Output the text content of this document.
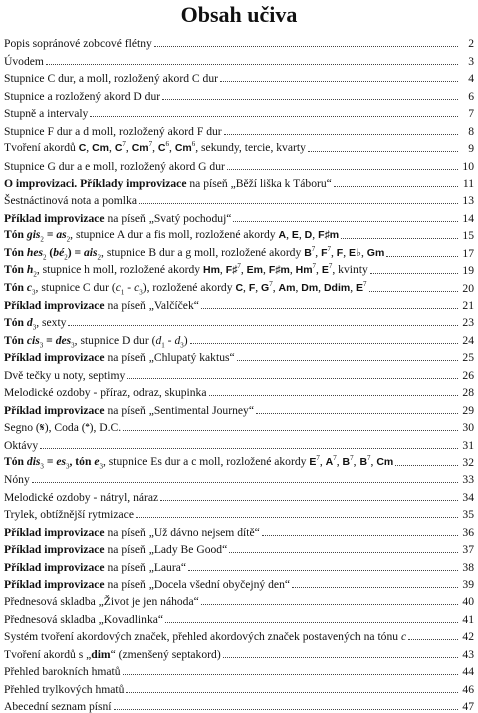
Obsah učiva
Popis sopránové zobcové flétny	2
Úvodem	3
Stupnice C dur, a moll, rozložený akord C dur	4
Stupnice a rozložený akord D dur	6
Stupně a intervaly	7
Stupnice F dur a d moll, rozložený akord F dur	8
Tvoření akordů C, Cm, $C^7$, Cm$^7$, $C^6$, Cm$^6$, sekundy, tercie, kvarty	9
Stupnice G dur a e moll, rozložený akord G dur	10
O improvizaci. Příklady improvizace na píseň „Běží liška k Táboru“	11
Šestnáctinová nota a pomlka	13
Příklad improvizace na píseň „Svatý pochoduj“	14
Tón $gis_2 = as_2$, stupnice A dur a fis moll, rozložené akordy A, E, D, F♯m	15
Tón hes$_2$ $(bé_2) = ais_2$, stupnice B dur a g moll, rozložené akordy $B^7$, $F^7$, F, E♭, Gm	17
Tón $h_2$, stupnice h moll, rozložené akordy Hm, F♯$^7$, Em, F♯m, Hm$^7$, $E^7$, kvinty	19
Tón $c_3$, stupnice C dur $(c_1 - c_3)$, rozložené akordy C, F, $G^7$, Am, Dm, Ddim, $E^7$	20
Příklad improvizace na píseň „Valčíček“	21
Tón $d_3$, sexty	23
Tón cis$_3$ = des$_3$, stupnice D dur $(d_1 - d_3)$	24
Příklad improvizace na píseň „Chlupatý kaktus“	25
Dvě tečky u noty, septimy	26
Melodické ozdoby - příraz, odraz, skupinka	28
Příklad improvizace na píseň „Sentimental Journey“	29
Segno (𝄋), Coda (𝄌), D.C.	30
Oktávy	31
Tón $dis_3 = es_3$, tón $e_3$, stupnice Es dur a c moll, rozložené akordy $E^7$, $A^7$, $B^7$, $B^7$, Cm	32
Nóny	33
Melodické ozdoby - nátryl, náraz	34
Trylek, obtížnější rytmizace	35
Příklad improvizace na píseň „Už dávno nejsem dítě“	36
Příklad improvizace na píseň „Lady Be Good“	37
Příklad improvizace na píseň „Laura“	38
Příklad improvizace na píseň „Docela všední obyčejný den“	39
Přednesová skladba „Život je jen náhoda“	40
Přednesová skladba „Kovadlinka“	41
Systém tvoření akordových značek, přehled akordových značek postavených na tónu c	42
Tvoření akordů s „dim“ (zmenšený septakord)	43
Přehled barokních hmatů	44
Přehled trylkových hmatů	46
Abecední seznam písní	47
